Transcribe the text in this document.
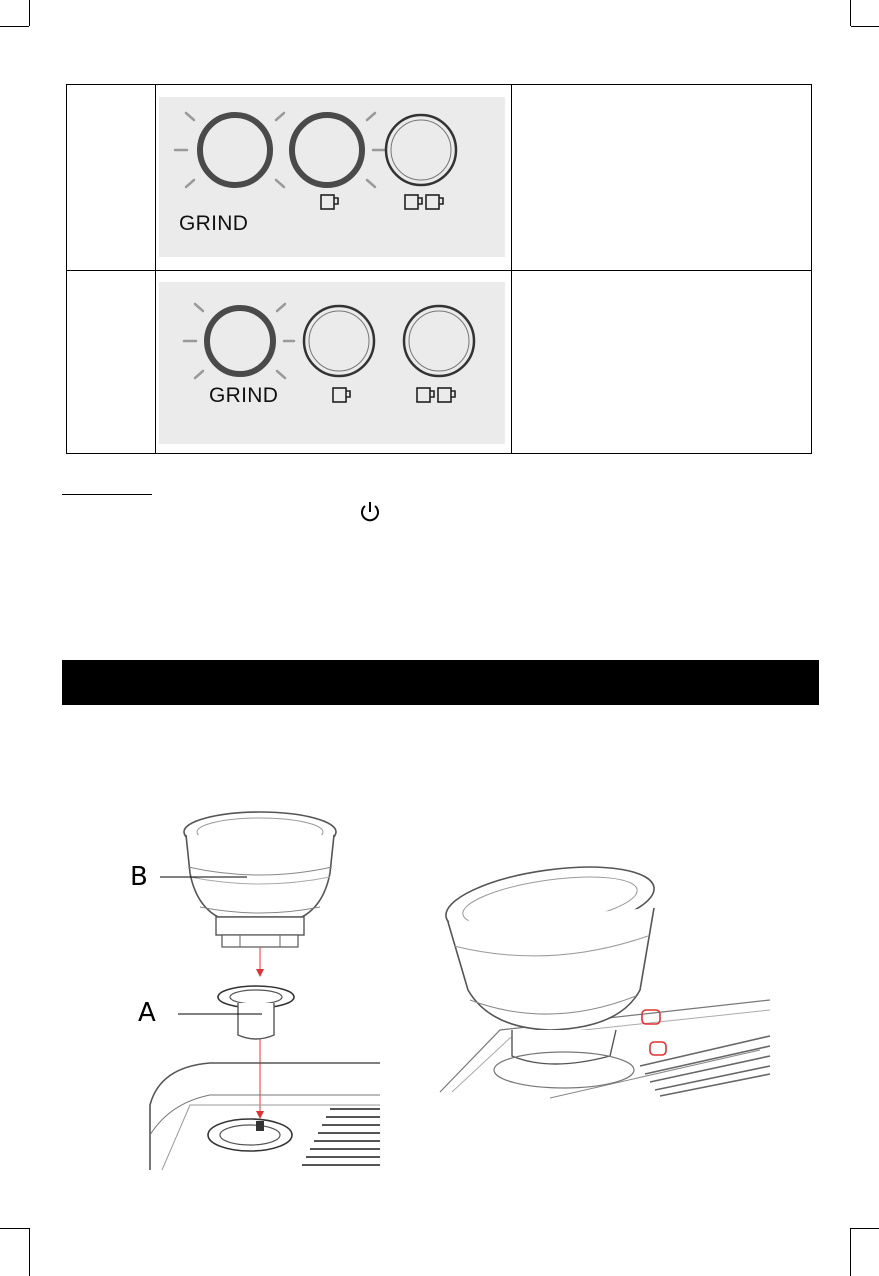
GRIND
GRIND
B
A
